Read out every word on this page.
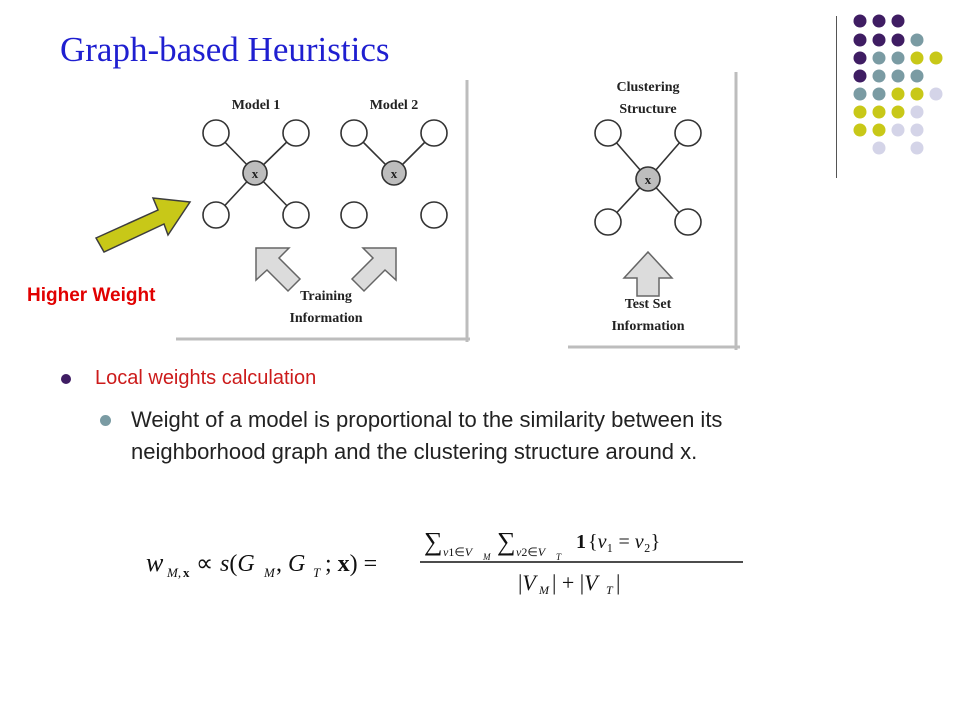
Graph-based Heuristics
Model 1	Model 2
x	x
Training
Information
Clustering
Structure
x
Test Set
Information
Higher Weight
Local weights calculation
Weight of a model is proportional to the similarity between its neighborhood graph and the clustering structure around x.
w M, x ∝ s(G M , G T ; x) =
∑ v1∈V M
∑ v2∈V T
1 {v₁ = v₂}
|V M | + |V T |
